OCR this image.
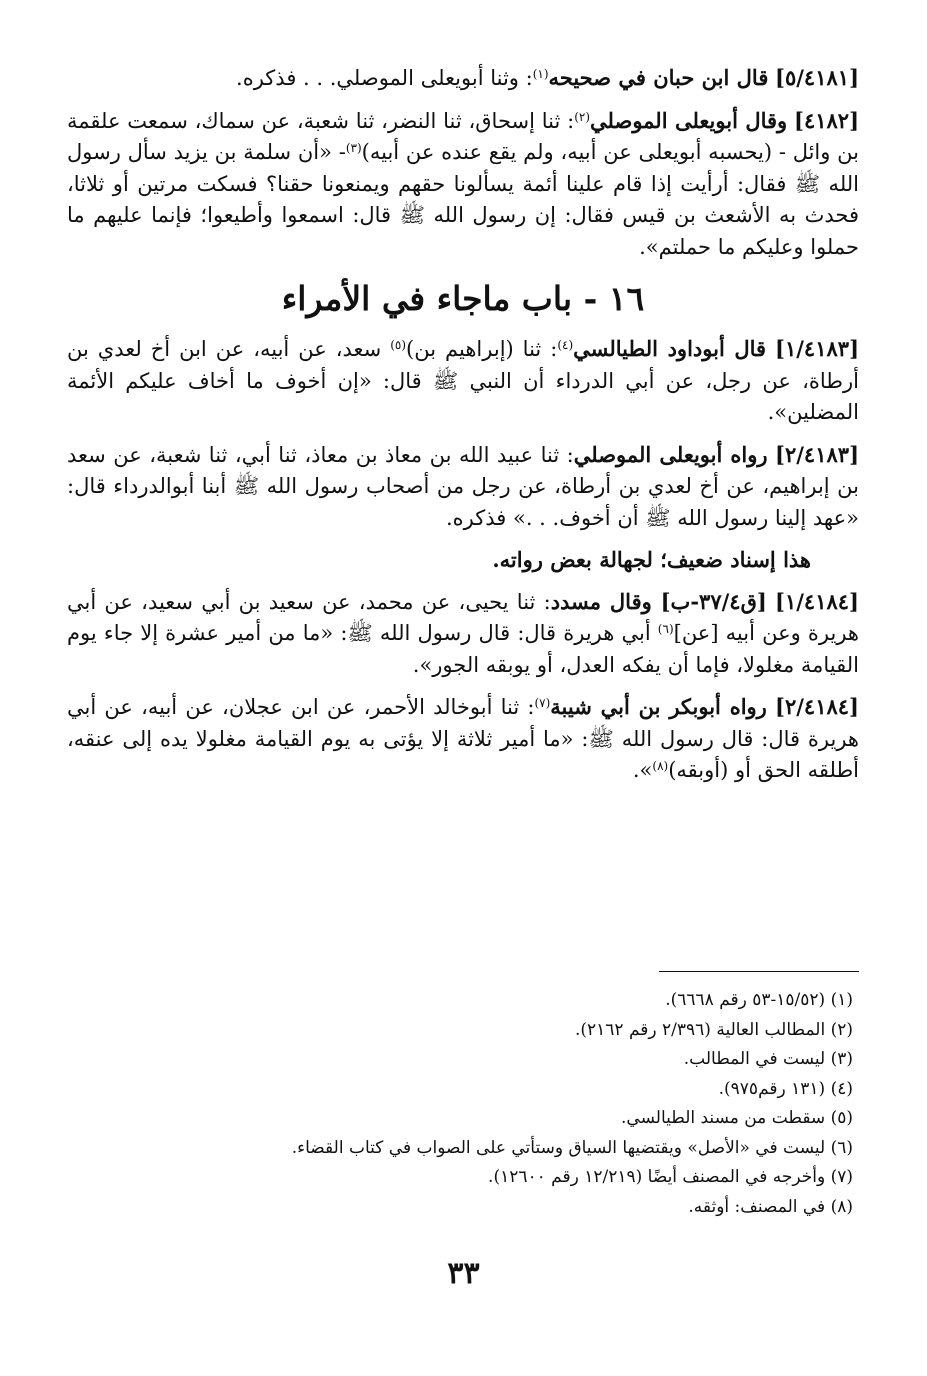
[٥/٤١٨١] قال ابن حبان في صحيحه$^{(١)}$: وثنا أبويعلى الموصلي. . . فذكره.

[٤١٨٢] وقال أبويعلى الموصلي$^{(٢)}$: ثنا إسحاق، ثنا النضر، ثنا شعبة، عن سماك، سمعت علقمة بن وائل - (يحسبه أبويعلى عن أبيه، ولم يقع عنده عن أبيه)$^{(٣)}$- «أن سلمة بن يزيد سأل رسول الله ﷺ فقال: أرأيت إذا قام علينا أئمة يسألونا حقهم ويمنعونا حقنا؟ فسكت مرتين أو ثلاثا، فحدث به الأشعث بن قيس فقال: إن رسول الله ﷺ قال: اسمعوا وأطيعوا؛ فإنما عليهم ما حملوا وعليكم ما حملتم».

١٦ - باب ماجاء في الأمراء

[١/٤١٨٣] قال أبوداود الطيالسي$^{(٤)}$: ثنا (إبراهيم بن)$^{(٥)}$ سعد، عن أبيه، عن ابن أخ لعدي بن أرطاة، عن رجل، عن أبي الدرداء أن النبي ﷺ قال: «إن أخوف ما أخاف عليكم الأئمة المضلين».

[٢/٤١٨٣] رواه أبويعلى الموصلي: ثنا عبيد الله بن معاذ بن معاذ، ثنا أبي، ثنا شعبة، عن سعد بن إبراهيم، عن أخ لعدي بن أرطاة، عن رجل من أصحاب رسول الله ﷺ أبنا أبوالدرداء قال: «عهد إلينا رسول الله ﷺ أن أخوف. . .» فذكره.

هذا إسناد ضعيف؛ لجهالة بعض رواته.

[١/٤١٨٤] [ق٣٧/٤-ب] وقال مسدد: ثنا يحيى، عن محمد، عن سعيد بن أبي سعيد، عن أبي هريرة وعن أبيه [عن]$^{(٦)}$ أبي هريرة قال: قال رسول الله ﷺ: «ما من أمير عشرة إلا جاء يوم القيامة مغلولا، فإما أن يفكه العدل، أو يوبقه الجور».

[٢/٤١٨٤] رواه أبوبكر بن أبي شيبة$^{(٧)}$: ثنا أبوخالد الأحمر، عن ابن عجلان، عن أبيه، عن أبي هريرة قال: قال رسول الله ﷺ: «ما أمير ثلاثة إلا يؤتى به يوم القيامة مغلولا يده إلى عنقه، أطلقه الحق أو (أوبقه)$^{(٨)}$».

(١) (١٥/٥٢-٥٣ رقم ٦٦٦٨).
(٢) المطالب العالية (٢/٣٩٦ رقم ٢١٦٢).
(٣) ليست في المطالب.
(٤) (١٣١ رقم٩٧٥).
(٥) سقطت من مسند الطيالسي.
(٦) ليست في «الأصل» ويقتضيها السياق وستأتي على الصواب في كتاب القضاء.
(٧) وأخرجه في المصنف أيضًا (١٢/٢١٩ رقم ١٢٦٠٠).
(٨) في المصنف: أوثقه.
٣٣
